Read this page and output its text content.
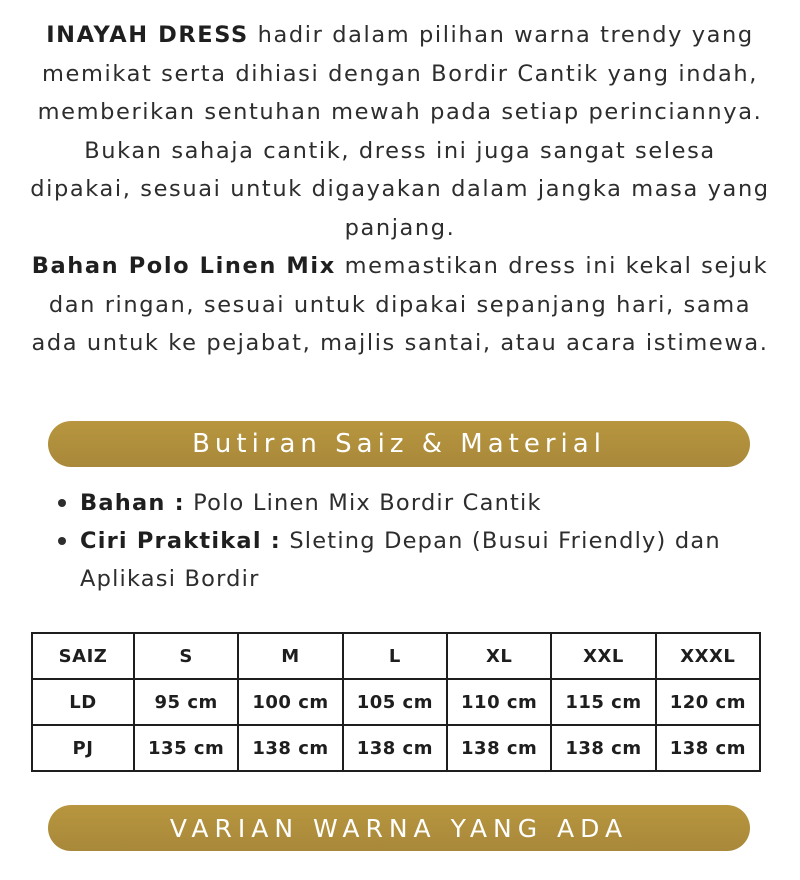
INAYAH DRESS hadir dalam pilihan warna trendy yang memikat serta dihiasi dengan Bordir Cantik yang indah, memberikan sentuhan mewah pada setiap perinciannya. Bukan sahaja cantik, dress ini juga sangat selesa dipakai, sesuai untuk digayakan dalam jangka masa yang panjang.

Bahan Polo Linen Mix memastikan dress ini kekal sejuk dan ringan, sesuai untuk dipakai sepanjang hari, sama ada untuk ke pejabat, majlis santai, atau acara istimewa.

Butiran Saiz & Material
Bahan : Polo Linen Mix Bordir Cantik
Ciri Praktikal : Sleting Depan (Busui Friendly) dan Aplikasi Bordir
SAIZ	S	M	L	XL	XXL	XXXL
LD	95 cm	100 cm	105 cm	110 cm	115 cm	120 cm
PJ	135 cm	138 cm	138 cm	138 cm	138 cm	138 cm
VARIAN WARNA YANG ADA
